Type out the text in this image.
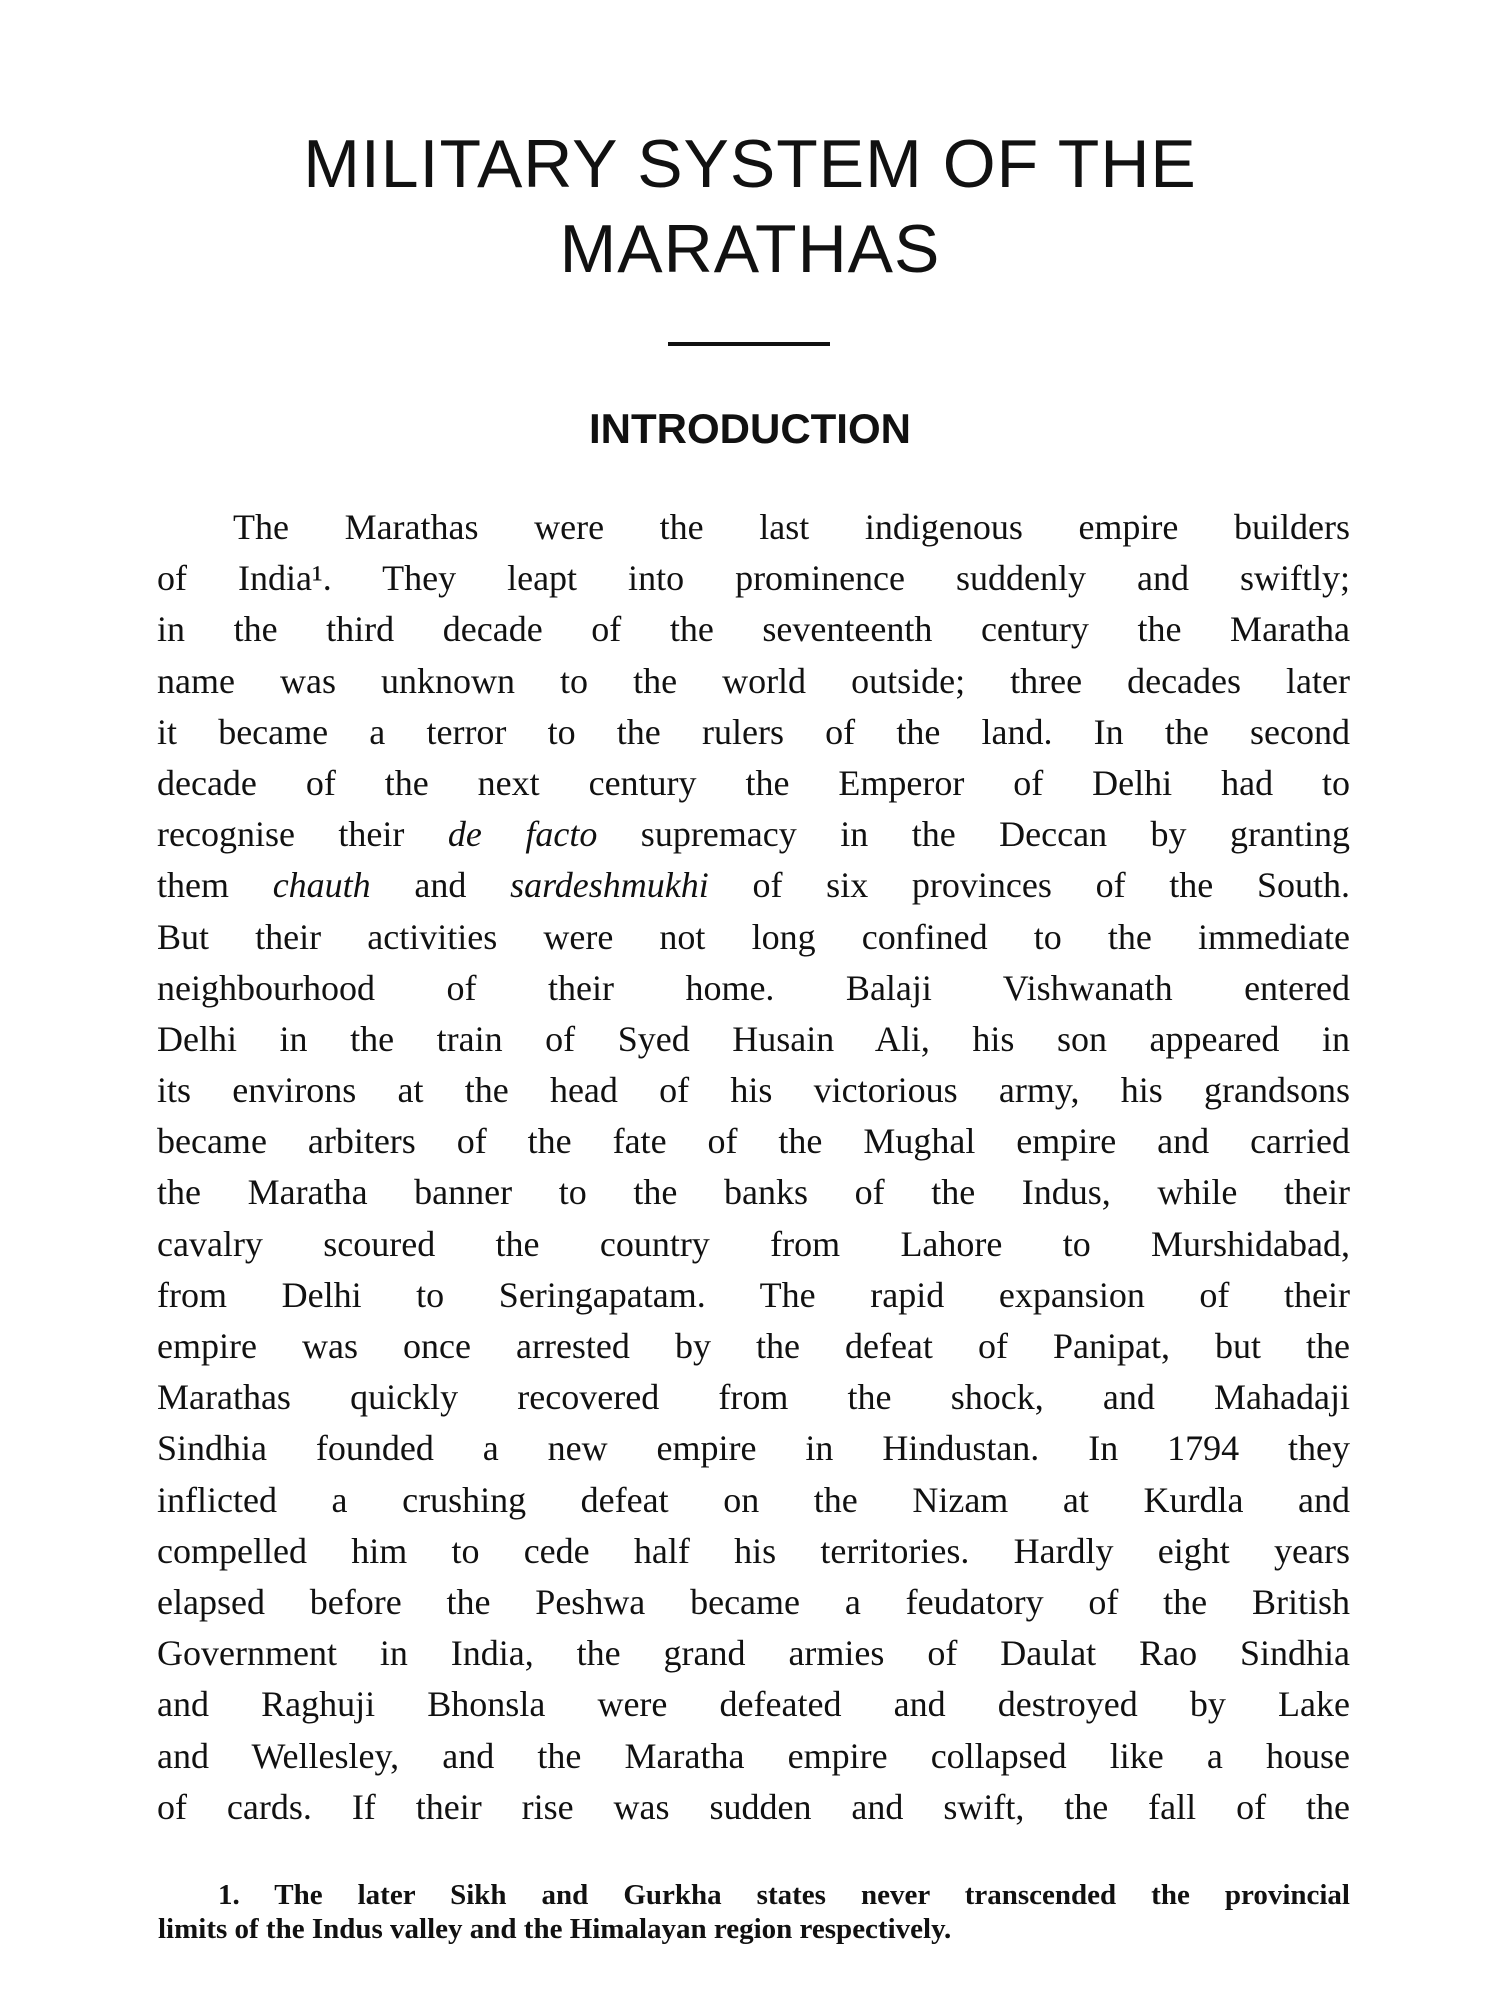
MILITARY SYSTEM OF THE
MARATHAS
INTRODUCTION
The Marathas were the last indigenous empire builders
of India¹. They leapt into prominence suddenly and swiftly;
in the third decade of the seventeenth century the Maratha
name was unknown to the world outside; three decades later
it became a terror to the rulers of the land. In the second
decade of the next century the Emperor of Delhi had to
recognise their de facto supremacy in the Deccan by granting
them chauth and sardeshmukhi of six provinces of the South.
But their activities were not long confined to the immediate
neighbourhood of their home. Balaji Vishwanath entered
Delhi in the train of Syed Husain Ali, his son appeared in
its environs at the head of his victorious army, his grandsons
became arbiters of the fate of the Mughal empire and carried
the Maratha banner to the banks of the Indus, while their
cavalry scoured the country from Lahore to Murshidabad,
from Delhi to Seringapatam. The rapid expansion of their
empire was once arrested by the defeat of Panipat, but the
Marathas quickly recovered from the shock, and Mahadaji
Sindhia founded a new empire in Hindustan. In 1794 they
inflicted a crushing defeat on the Nizam at Kurdla and
compelled him to cede half his territories. Hardly eight years
elapsed before the Peshwa became a feudatory of the British
Government in India, the grand armies of Daulat Rao Sindhia
and Raghuji Bhonsla were defeated and destroyed by Lake
and Wellesley, and the Maratha empire collapsed like a house
of cards. If their rise was sudden and swift, the fall of the
1. The later Sikh and Gurkha states never transcended the provincial
limits of the Indus valley and the Himalayan region respectively.
